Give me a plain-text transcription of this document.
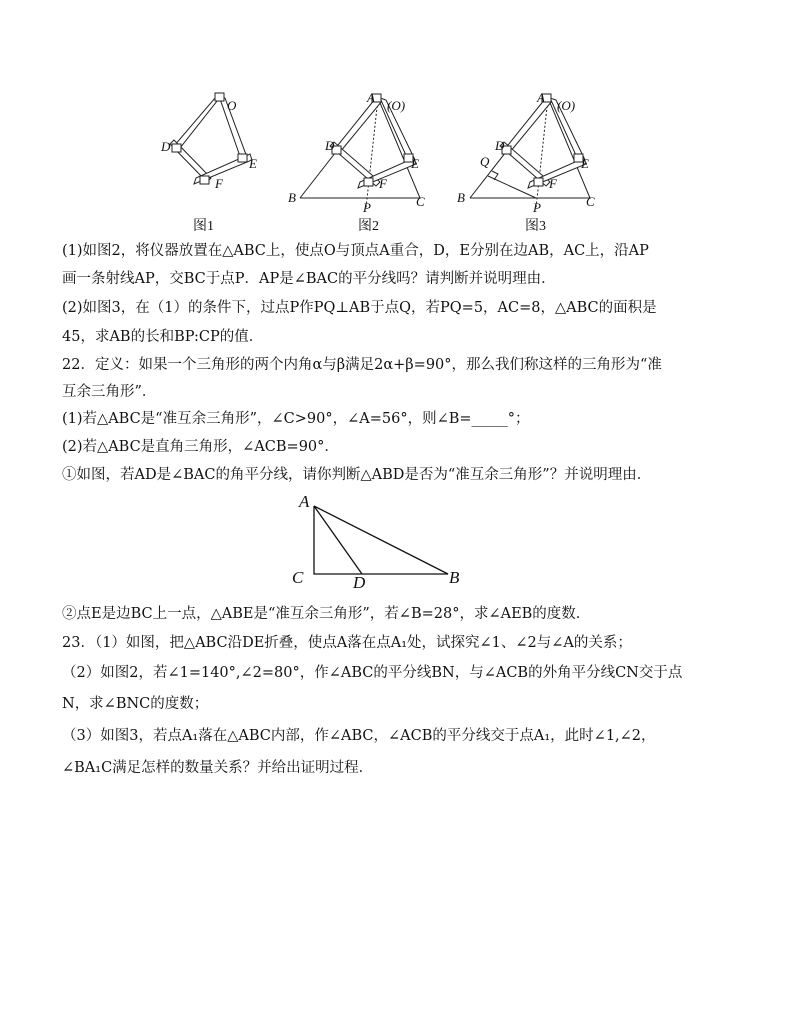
O
D
E
F
A
(O)
D
E
F
B	C
P
A
(O)
Q
D
E
F
B	C
P
图1	图2	图3
(1)如图2，将仪器放置在△ABC上，使点O与顶点A重合，D，E分别在边AB，AC上，沿AP
画一条射线AP，交BC于点P．AP是∠BAC的平分线吗？请判断并说明理由．
(2)如图3，在（1）的条件下，过点P作PQ⊥AB于点Q，若PQ=5，AC=8，△ABC的面积是
45，求AB的长和BP:CP的值．
22．定义：如果一个三角形的两个内角α与β满足2α+β=90°，那么我们称这样的三角形为“准
互余三角形”．
(1)若△ABC是“准互余三角形”，∠C>90°，∠A=56°，则∠B=_____°；
(2)若△ABC是直角三角形，∠ACB=90°．
①如图，若AD是∠BAC的角平分线，请你判断△ABD是否为“准互余三角形”？并说明理由．
A
C	D	B
②点E是边BC上一点，△ABE是“准互余三角形”，若∠B=28°，求∠AEB的度数．
23．（1）如图，把△ABC沿DE折叠，使点A落在点A₁处，试探究∠1、∠2与∠A的关系；
（2）如图2，若∠1=140°,∠2=80°，作∠ABC的平分线BN，与∠ACB的外角平分线CN交于点
N，求∠BNC的度数；
（3）如图3，若点A₁落在△ABC内部，作∠ABC，∠ACB的平分线交于点A₁，此时∠1,∠2，
∠BA₁C满足怎样的数量关系？并给出证明过程．
